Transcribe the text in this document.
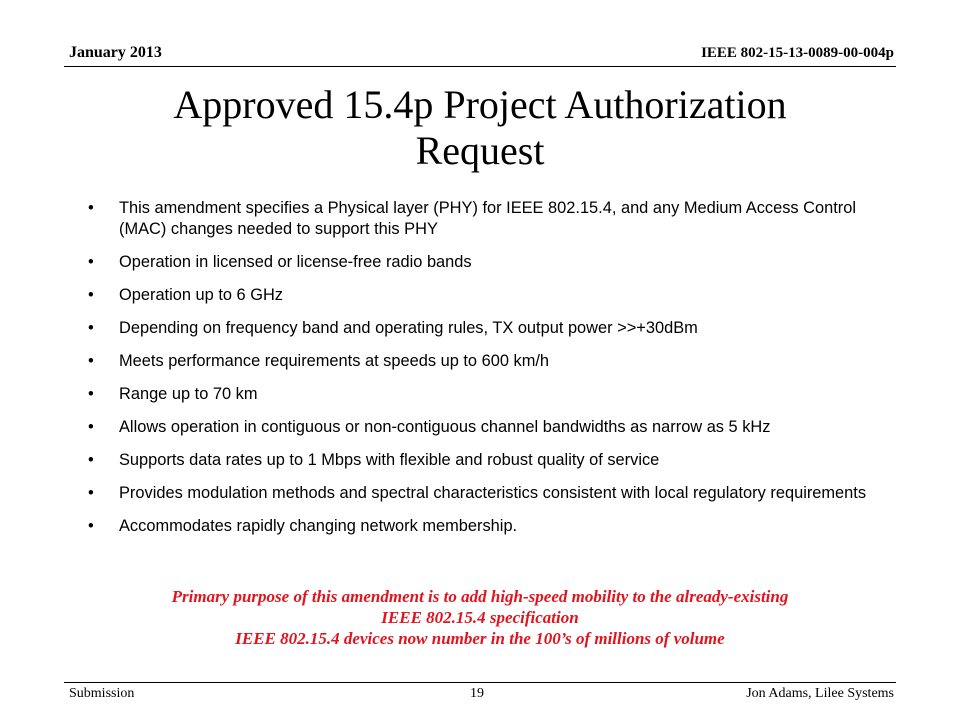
January 2013	IEEE 802-15-13-0089-00-004p
Approved 15.4p Project Authorization
Request
• This amendment specifies a Physical layer (PHY) for IEEE 802.15.4, and any Medium Access Control (MAC) changes needed to support this PHY
• Operation in licensed or license-free radio bands
• Operation up to 6 GHz
• Depending on frequency band and operating rules, TX output power >>+30dBm
• Meets performance requirements at speeds up to 600 km/h
• Range up to 70 km
• Allows operation in contiguous or non-contiguous channel bandwidths as narrow as 5 kHz
• Supports data rates up to 1 Mbps with flexible and robust quality of service
• Provides modulation methods and spectral characteristics consistent with local regulatory requirements
• Accommodates rapidly changing network membership.
Primary purpose of this amendment is to add high-speed mobility to the already-existing
IEEE 802.15.4 specification
IEEE 802.15.4 devices now number in the 100’s of millions of volume
Submission	19	Jon Adams, Lilee Systems
